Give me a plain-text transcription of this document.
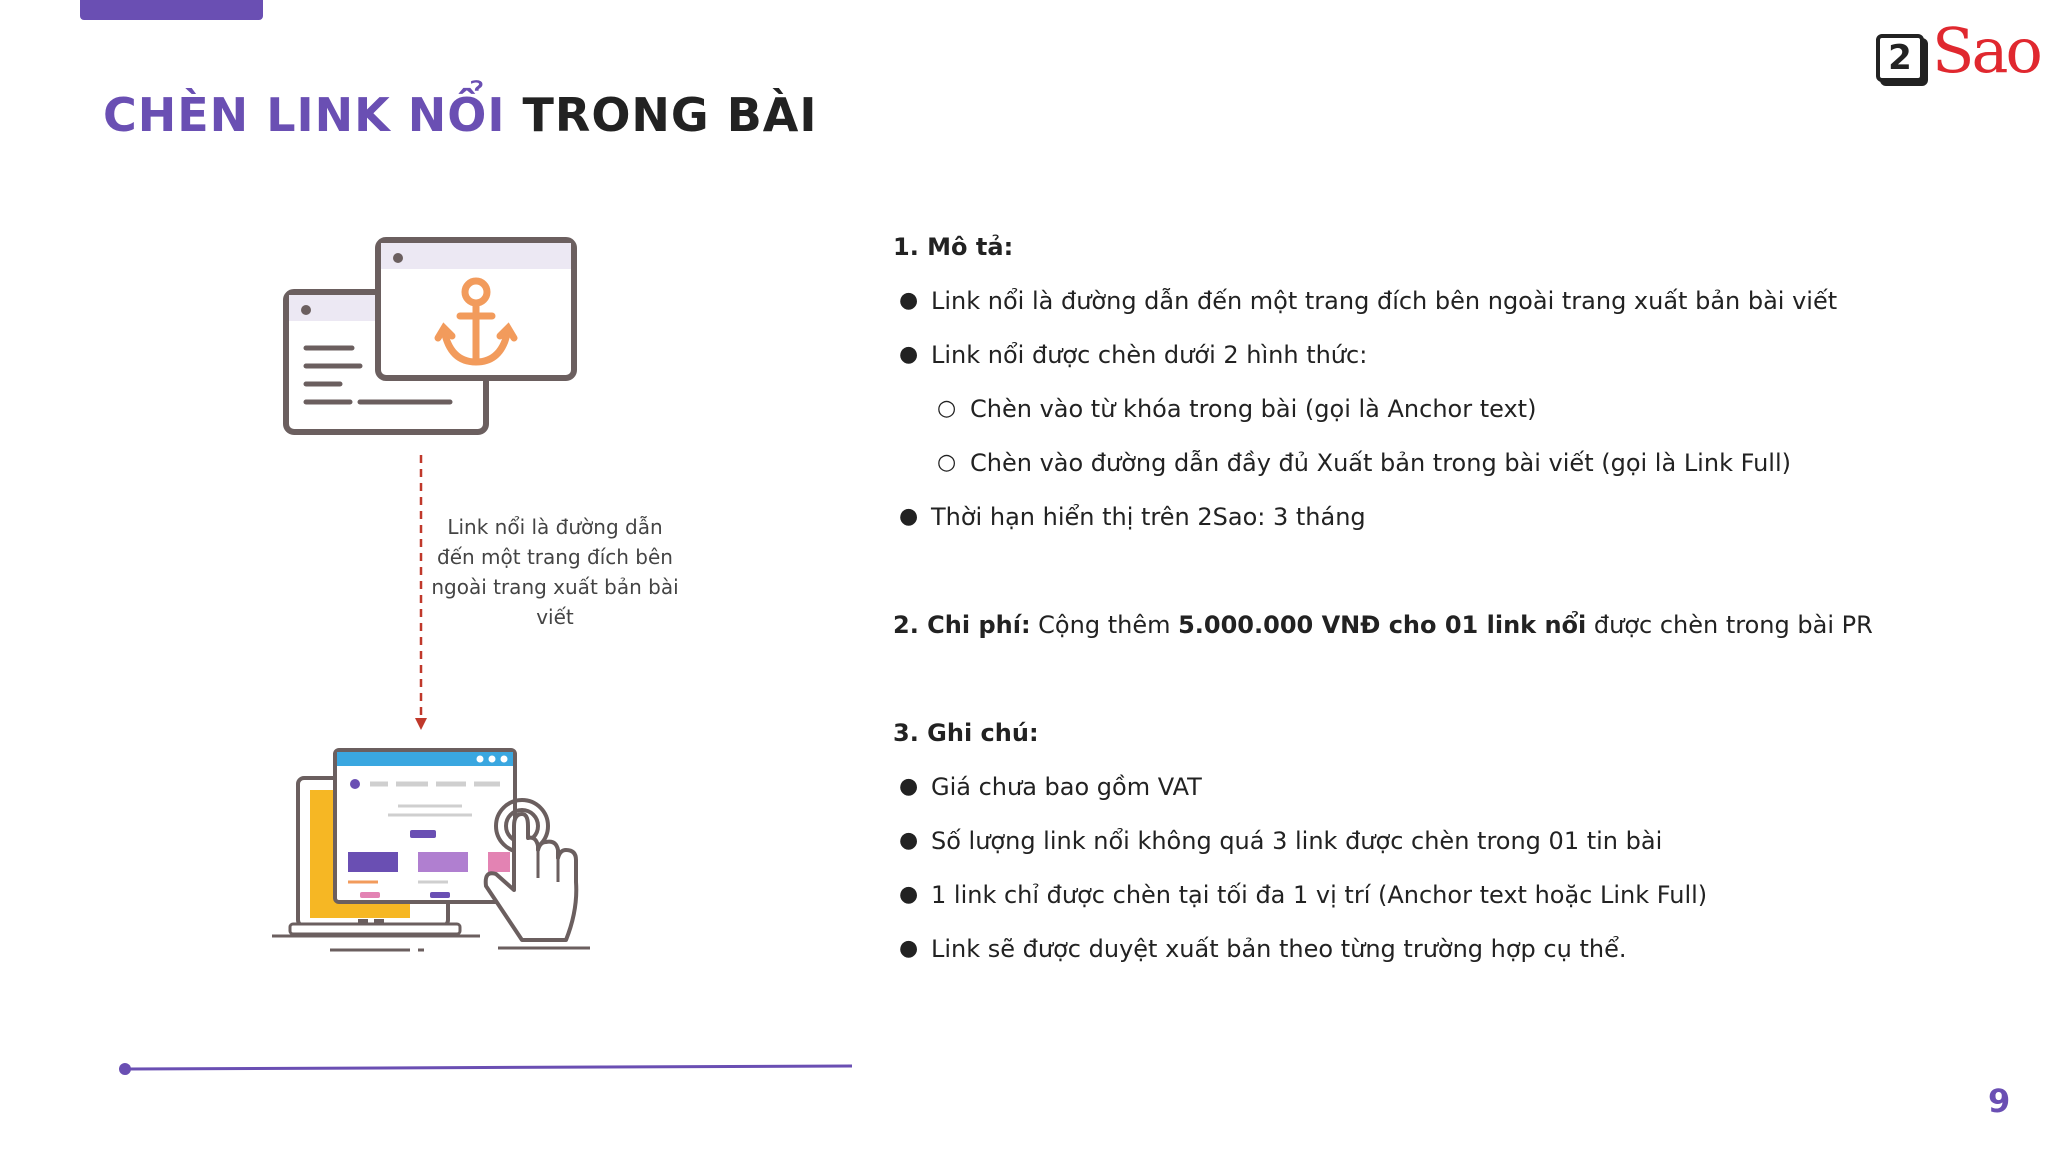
CHÈN LINK NỔI TRONG BÀI
2 Sao
Link nổi là đường dẫn đến một trang đích bên ngoài trang xuất bản bài viết

1. Mô tả:

● Link nổi là đường dẫn đến một trang đích bên ngoài trang xuất bản bài viết
● Link nổi được chèn dưới 2 hình thức:
○ Chèn vào từ khóa trong bài (gọi là Anchor text)
○ Chèn vào đường dẫn đầy đủ Xuất bản trong bài viết (gọi là Link Full)
● Thời hạn hiển thị trên 2Sao: 3 tháng
2. Chi phí: Cộng thêm 5.000.000 VNĐ cho 01 link nổi được chèn trong bài PR

3. Ghi chú:

● Giá chưa bao gồm VAT
● Số lượng link nổi không quá 3 link được chèn trong 01 tin bài
● 1 link chỉ được chèn tại tối đa 1 vị trí (Anchor text hoặc Link Full)
● Link sẽ được duyệt xuất bản theo từng trường hợp cụ thể.
9
